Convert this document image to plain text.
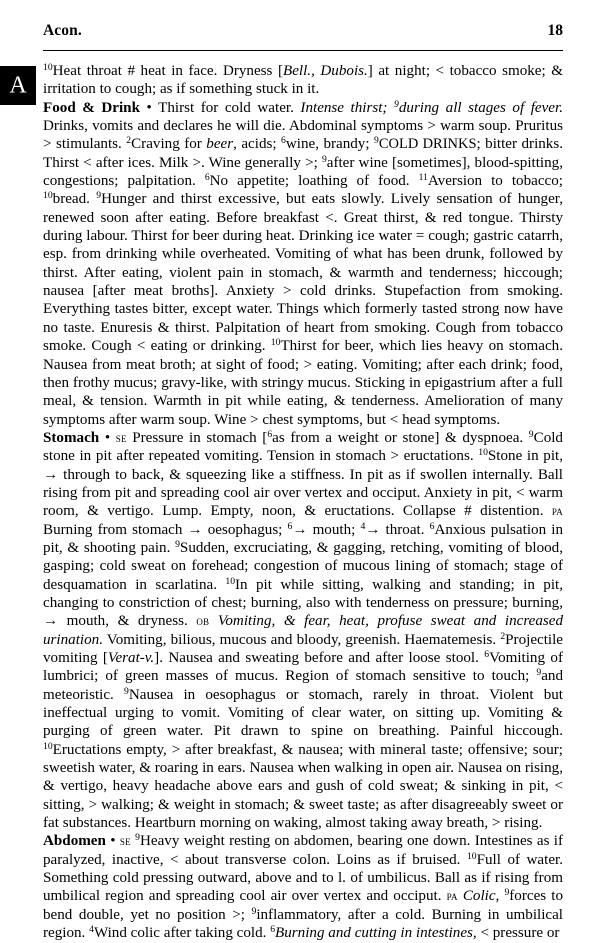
Acon.	18
A

$^{10}$Heat throat # heat in face. Dryness [Bell., Dubois.] at night; < tobacco smoke; & irritation to cough; as if something stuck in it.

Food & Drink • Thirst for cold water. Intense thirst; $^9$during all stages of fever. Drinks, vomits and declares he will die. Abdominal symptoms > warm soup. Pruritus > stimulants. $^2$Craving for beer, acids; $^6$wine, brandy; $^9$COLD DRINKS; bitter drinks. Thirst < after ices. Milk >. Wine generally >; $^9$after wine [sometimes], blood-spitting, congestions; palpitation. $^6$No appetite; loathing of food. $^{11}$Aversion to tobacco; $^{10}$bread. $^9$Hunger and thirst excessive, but eats slowly. Lively sensation of hunger, renewed soon after eating. Before breakfast <. Great thirst, & red tongue. Thirsty during labour. Thirst for beer during heat. Drinking ice water = cough; gastric catarrh, esp. from drinking while overheated. Vomiting of what has been drunk, followed by thirst. After eating, violent pain in stomach, & warmth and tenderness; hiccough; nausea [after meat broths]. Anxiety > cold drinks. Stupefaction from smoking. Everything tastes bitter, except water. Things which formerly tasted strong now have no taste. Enuresis & thirst. Palpitation of heart from smoking. Cough from tobacco smoke. Cough < eating or drinking. $^{10}$Thirst for beer, which lies heavy on stomach. Nausea from meat broth; at sight of food; > eating. Vomiting; after each drink; food, then frothy mucus; gravy-like, with stringy mucus. Sticking in epigastrium after a full meal, & tension. Warmth in pit while eating, & tenderness. Amelioration of many symptoms after warm soup. Wine > chest symptoms, but < head symptoms.

Stomach • se Pressure in stomach [$^6$as from a weight or stone] & dyspnoea. $^9$Cold stone in pit after repeated vomiting. Tension in stomach > eructations. $^{10}$Stone in pit, → through to back, & squeezing like a stiffness. In pit as if swollen internally. Ball rising from pit and spreading cool air over vertex and occiput. Anxiety in pit, < warm room, & vertigo. Lump. Empty, noon, & eructations. Collapse # distention. pa Burning from stomach → oesophagus; $^6$→ mouth; $^4$→ throat. $^6$Anxious pulsation in pit, & shooting pain. $^9$Sudden, excruciating, & gagging, retching, vomiting of blood, gasping; cold sweat on forehead; congestion of mucous lining of stomach; stage of desquamation in scarlatina. $^{10}$In pit while sitting, walking and standing; in pit, changing to constriction of chest; burning, also with tenderness on pressure; burning, → mouth, & dryness. ob Vomiting, & fear, heat, profuse sweat and increased urination. Vomiting, bilious, mucous and bloody, greenish. Haematemesis. $^2$Projectile vomiting [Verat-v.]. Nausea and sweating before and after loose stool. $^6$Vomiting of lumbrici; of green masses of mucus. Region of stomach sensitive to touch; $^9$and meteoristic. $^9$Nausea in oesophagus or stomach, rarely in throat. Violent but ineffectual urging to vomit. Vomiting of clear water, on sitting up. Vomiting & purging of green water. Pit drawn to spine on breathing. Painful hiccough. $^{10}$Eructations empty, > after breakfast, & nausea; with mineral taste; offensive; sour; sweetish water, & roaring in ears. Nausea when walking in open air. Nausea on rising, & vertigo, heavy headache above ears and gush of cold sweat; & sinking in pit, < sitting, > walking; & weight in stomach; & sweet taste; as after disagreeably sweet or fat substances. Heartburn morning on waking, almost taking away breath, > rising.

Abdomen • se $^9$Heavy weight resting on abdomen, bearing one down. Intestines as if paralyzed, inactive, < about transverse colon. Loins as if bruised. $^{10}$Full of water. Something cold pressing outward, above and to l. of umbilicus. Ball as if rising from umbilical region and spreading cool air over vertex and occiput. pa Colic, $^9$forces to bend double, yet no position >; $^9$inflammatory, after a cold. Burning in umbilical region. $^4$Wind colic after taking cold. $^6$Burning and cutting in intestines, < pressure or
